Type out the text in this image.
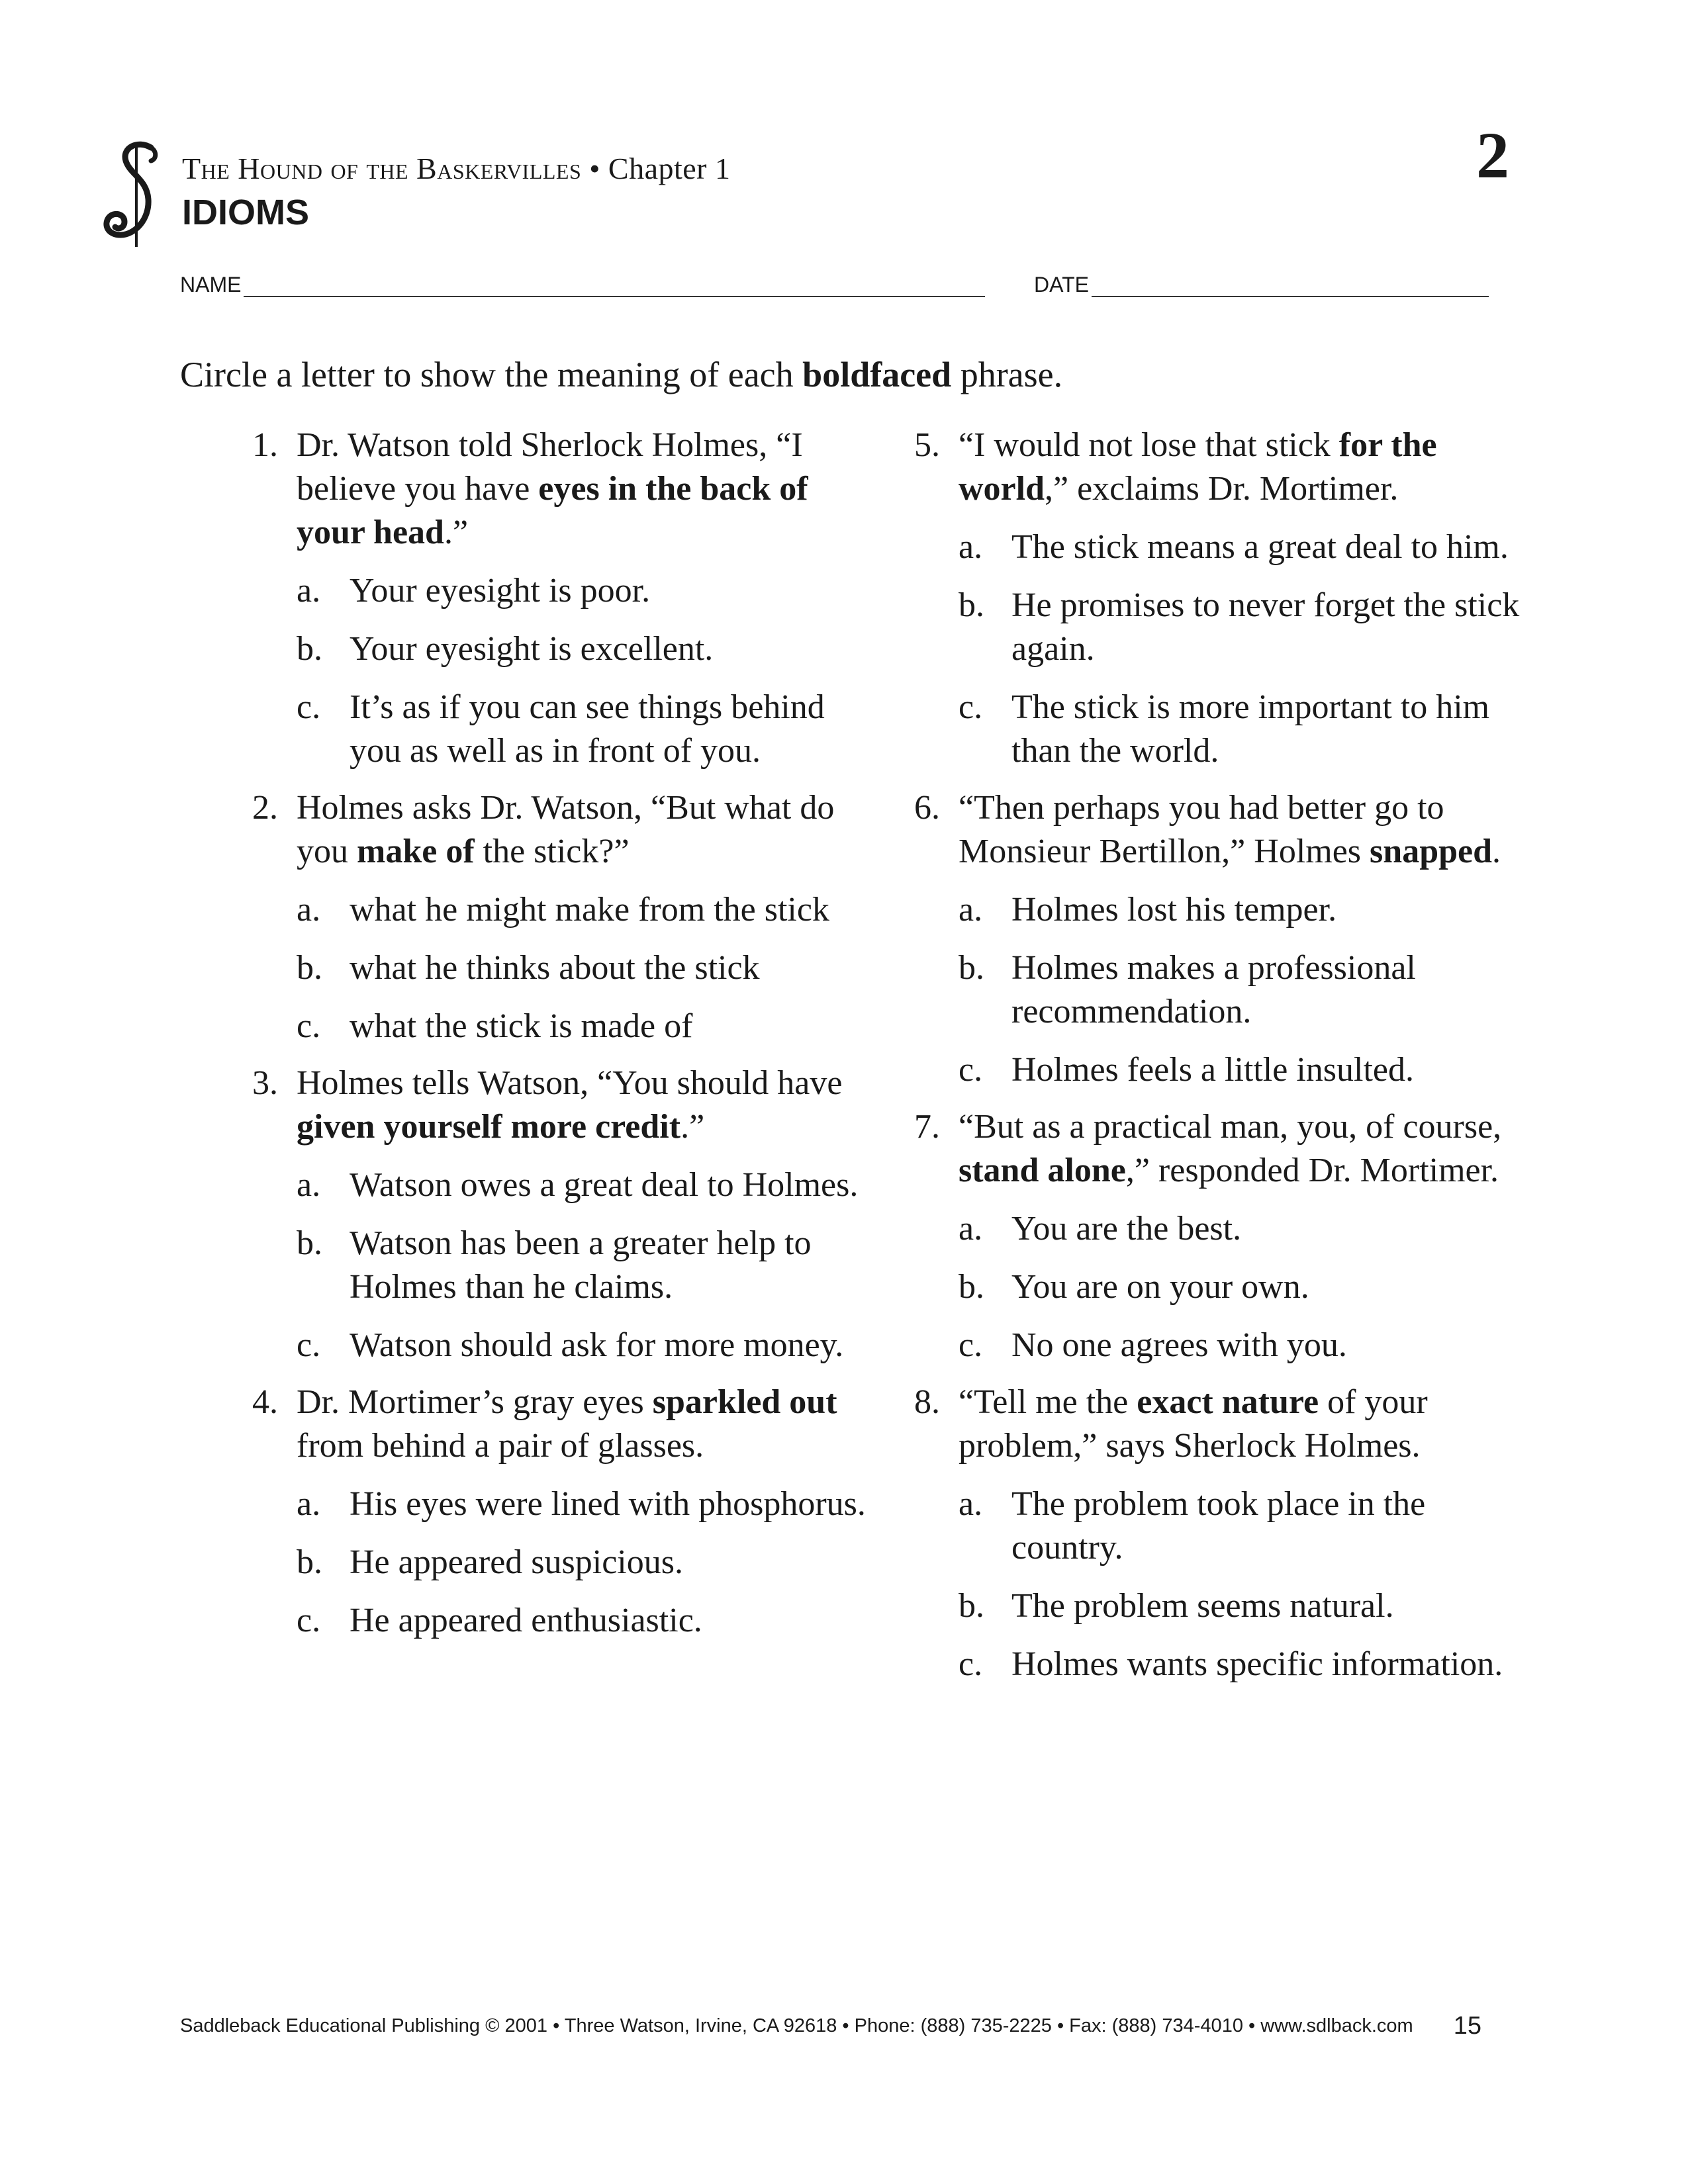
The Hound of the Baskervilles • Chapter 1
IDIOMS
2
NAME	DATE
Circle a letter to show the meaning of each boldfaced phrase.
1. Dr. Watson told Sherlock Holmes, “I believe you have eyes in the back of your head.”
a. Your eyesight is poor.
b. Your eyesight is excellent.
c. It’s as if you can see things behind you as well as in front of you.
2. Holmes asks Dr. Watson, “But what do you make of the stick?”
a. what he might make from the stick
b. what he thinks about the stick
c. what the stick is made of
3. Holmes tells Watson, “You should have given yourself more credit.”
a. Watson owes a great deal to Holmes.
b. Watson has been a greater help to Holmes than he claims.
c. Watson should ask for more money.
4. Dr. Mortimer’s gray eyes sparkled out from behind a pair of glasses.
a. His eyes were lined with phosphorus.
b. He appeared suspicious.
c. He appeared enthusiastic.
5. “I would not lose that stick for the world,” exclaims Dr. Mortimer.
a. The stick means a great deal to him.
b. He promises to never forget the stick again.
c. The stick is more important to him than the world.
6. “Then perhaps you had better go to Monsieur Bertillon,” Holmes snapped.
a. Holmes lost his temper.
b. Holmes makes a professional recommendation.
c. Holmes feels a little insulted.
7. “But as a practical man, you, of course, stand alone,” responded Dr. Mortimer.
a. You are the best.
b. You are on your own.
c. No one agrees with you.
8. “Tell me the exact nature of your problem,” says Sherlock Holmes.
a. The problem took place in the country.
b. The problem seems natural.
c. Holmes wants specific information.
Saddleback Educational Publishing © 2001 • Three Watson, Irvine, CA 92618 • Phone: (888) 735-2225 • Fax: (888) 734-4010 • www.sdlback.com 15
